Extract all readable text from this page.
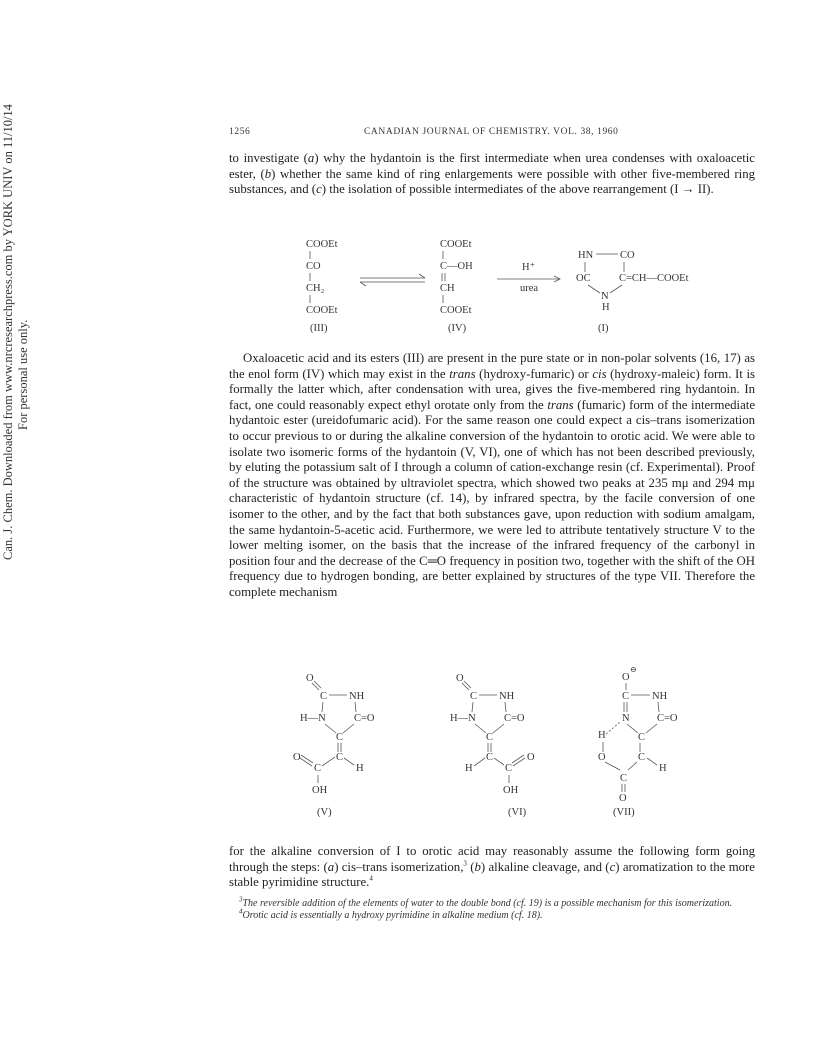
Can. J. Chem. Downloaded from www.nrcresearchpress.com by YORK UNIV on 11/10/14 For personal use only.
1256	CANADIAN JOURNAL OF CHEMISTRY. VOL. 38, 1960

to investigate (a) why the hydantoin is the first intermediate when urea condenses with oxaloacetic ester, (b) whether the same kind of ring enlargements were possible with other five-membered ring substances, and (c) the isolation of possible intermediates of the above rearrangement (I → II).

COOEt
CO
CH₂
COOEt
(III)
COOEt
C—OH
CH
COOEt
(IV)
H⁺
urea
HN	CO
OC	C=CH—COOEt
N
H
(I)
O
C NH
H—N	C=O
C
C
O
C	H
OH
(V)
O
C NH
H—N	C=O
C
C
H	C
O
OH
(VI)
O
⊖
C NH
N	C=O
H	C
O	C
H
C
O
(VII)

Oxaloacetic acid and its esters (III) are present in the pure state or in non-polar solvents (16, 17) as the enol form (IV) which may exist in the trans (hydroxy-fumaric) or cis (hydroxy-maleic) form. It is formally the latter which, after condensation with urea, gives the five-membered ring hydantoin. In fact, one could reasonably expect ethyl orotate only from the trans (fumaric) form of the intermediate hydantoic ester (ureidofumaric acid). For the same reason one could expect a cis–trans isomerization to occur previous to or during the alkaline conversion of the hydantoin to orotic acid. We were able to isolate two isomeric forms of the hydantoin (V, VI), one of which has not been described previously, by eluting the potassium salt of I through a column of cation-exchange resin (cf. Experimental). Proof of the structure was obtained by ultraviolet spectra, which showed two peaks at 235 mμ and 294 mμ characteristic of hydantoin structure (cf. 14), by infrared spectra, by the facile conversion of one isomer to the other, and by the fact that both substances gave, upon reduction with sodium amalgam, the same hydantoin-5-acetic acid. Furthermore, we were led to attribute tentatively structure V to the lower melting isomer, on the basis that the increase of the infrared frequency of the carbonyl in position four and the decrease of the C═O frequency in position two, together with the shift of the OH frequency due to hydrogen bonding, are better explained by structures of the type VII. Therefore the complete mechanism

for the alkaline conversion of I to orotic acid may reasonably assume the following form going through the steps: (a) cis–trans isomerization,$^3$ (b) alkaline cleavage, and (c) aromatization to the more stable pyrimidine structure.$^4$

$^3$The reversible addition of the elements of water to the double bond (cf. 19) is a possible mechanism for this isomerization.

$^4$Orotic acid is essentially a hydroxy pyrimidine in alkaline medium (cf. 18).
